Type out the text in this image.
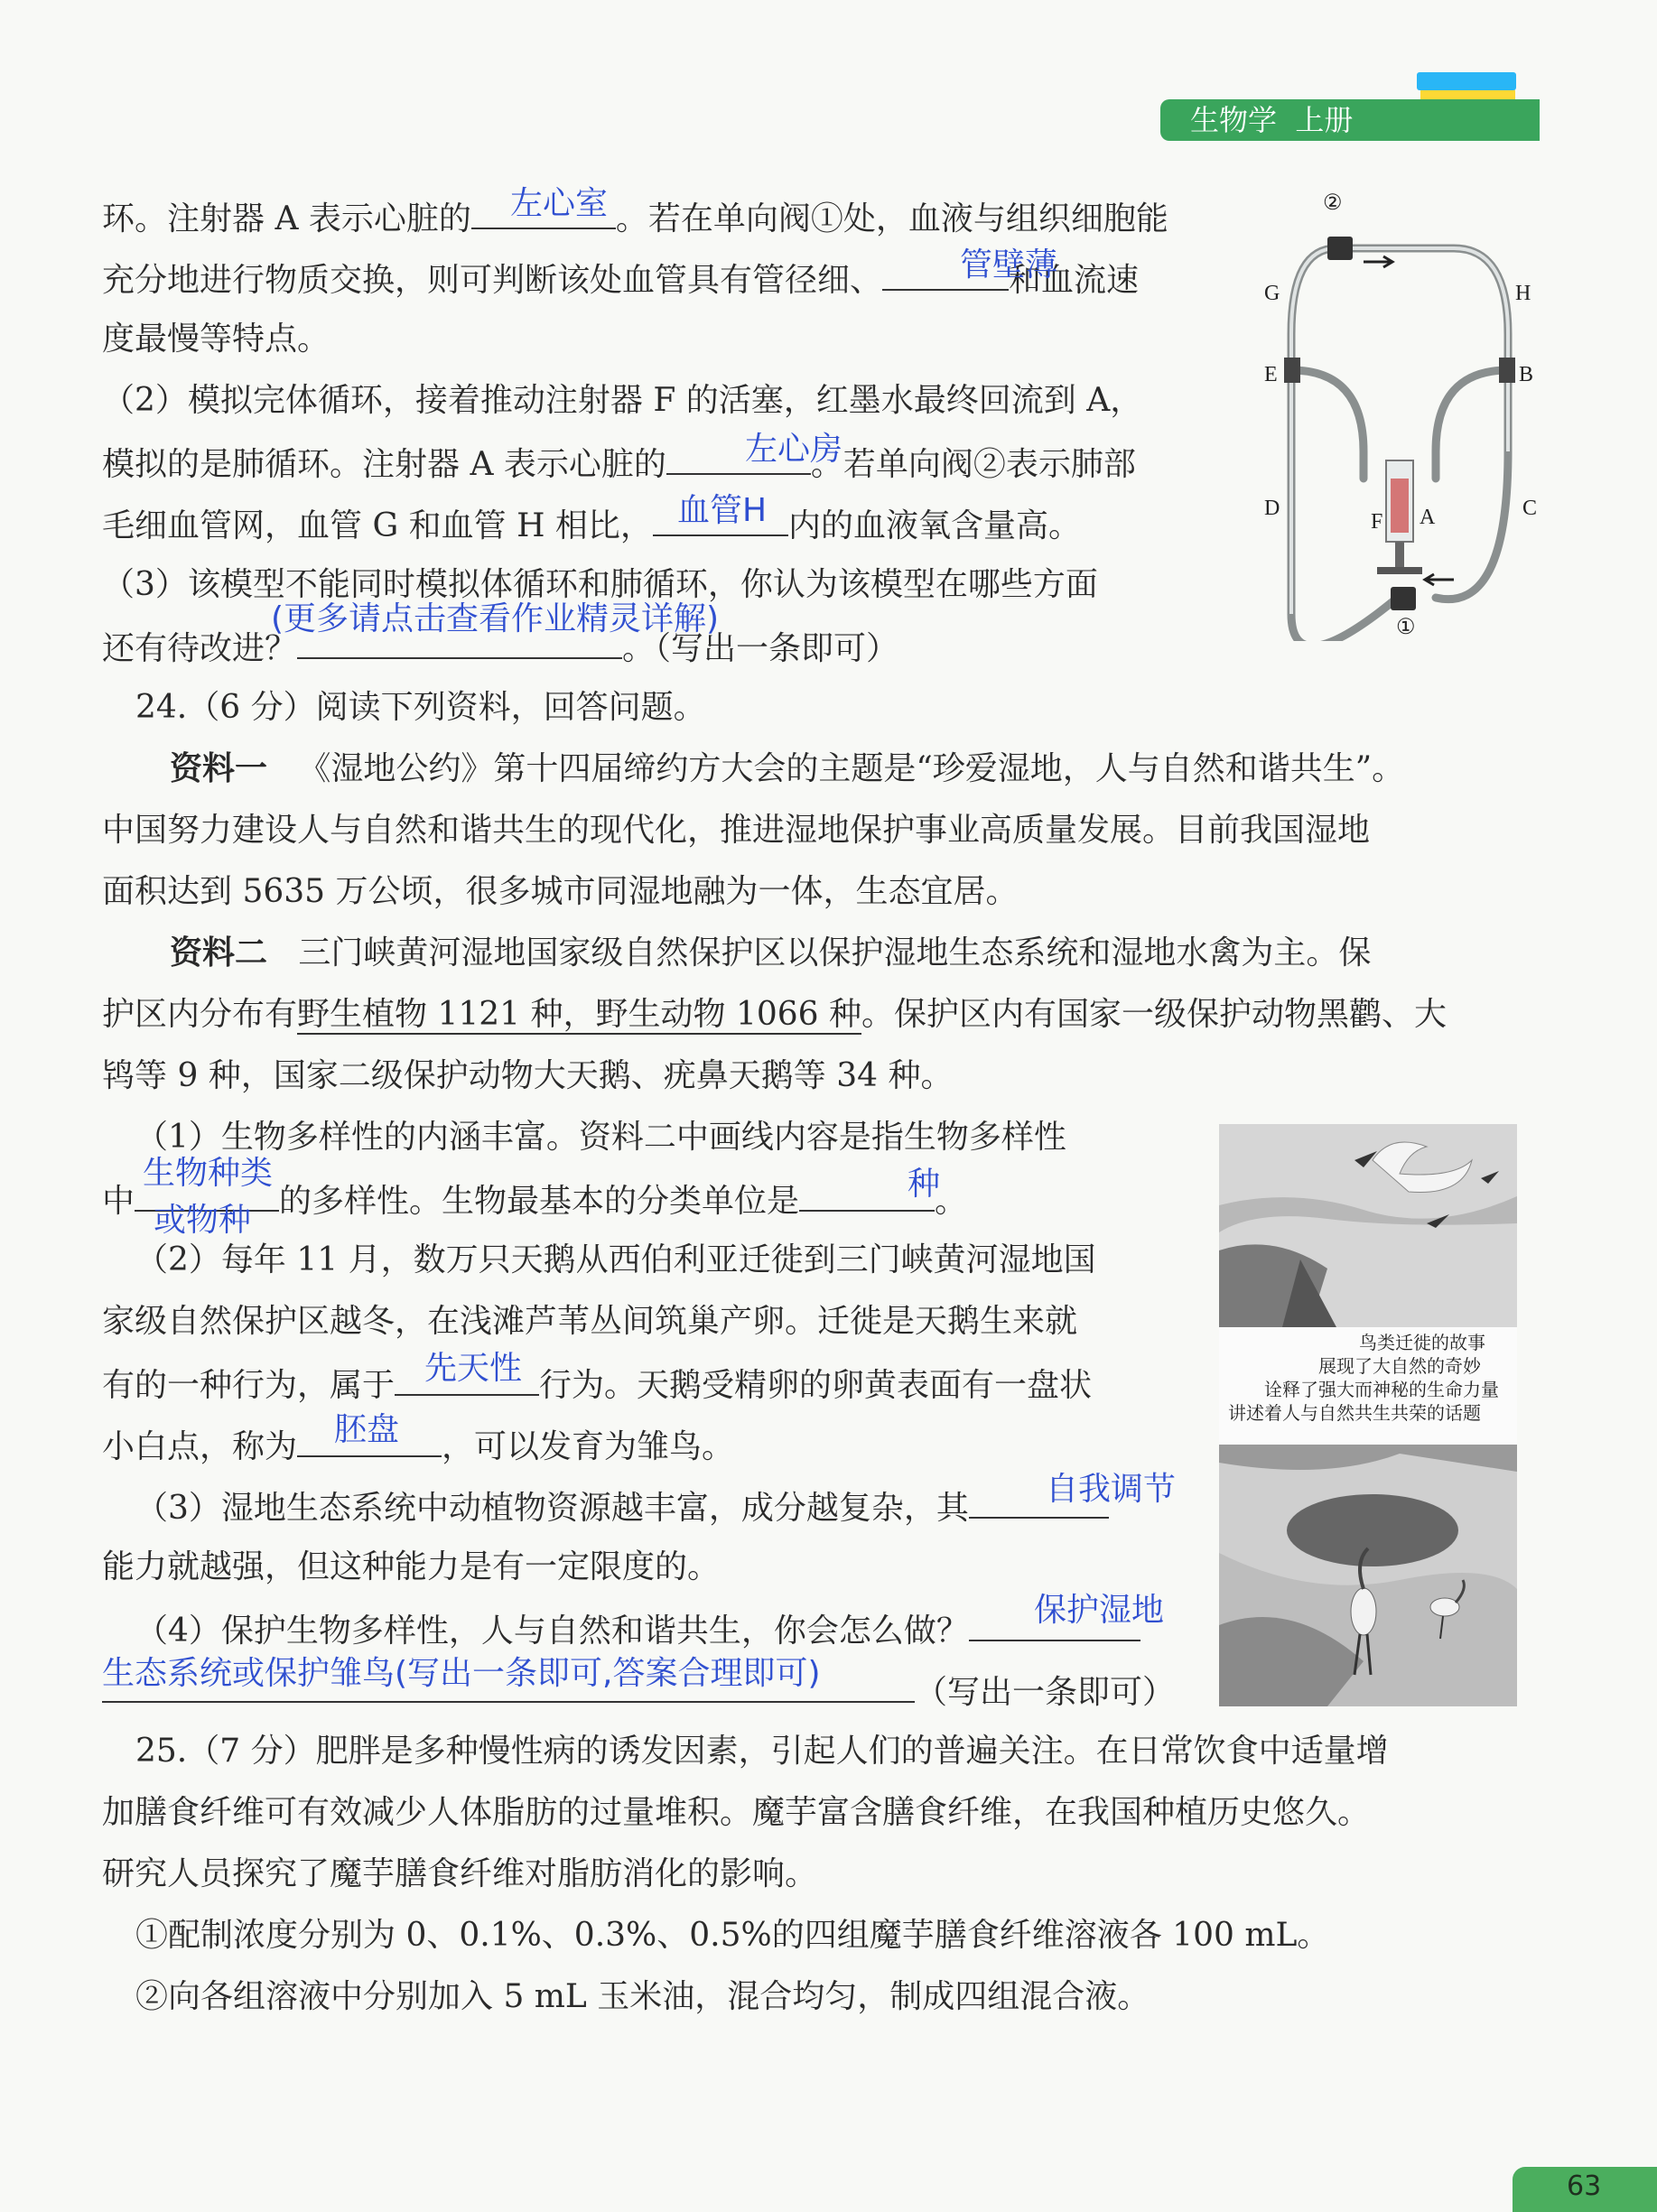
生物学 上册
环。注射器 A 表示心脏的	。若在单向阀①处，血液与组织细胞能
左心室
充分地进行物质交换，则可判断该处血管具有管径细、	和血流速
管壁薄
度最慢等特点。
（2）模拟完体循环，接着推动注射器 F 的活塞，红墨水最终回流到 A，
模拟的是肺循环。注射器 A 表示心脏的	。若单向阀②表示肺部
左心房
毛细血管网，血管 G 和血管 H 相比，	内的血液氧含量高。
血管H
（3）该模型不能同时模拟体循环和肺循环，你认为该模型在哪些方面
还有待改进？	。（写出一条即可）
(更多请点击查看作业精灵详解)
②
G	H
E	B
F A
D	C
①
24.（6 分）阅读下列资料，回答问题。
资料一 《湿地公约》第十四届缔约方大会的主题是“珍爱湿地，人与自然和谐共生”。
中国努力建设人与自然和谐共生的现代化，推进湿地保护事业高质量发展。目前我国湿地
面积达到 5635 万公顷，很多城市同湿地融为一体，生态宜居。
资料二 三门峡黄河湿地国家级自然保护区以保护湿地生态系统和湿地水禽为主。保
护区内分布有野生植物 1121 种，野生动物 1066 种。保护区内有国家一级保护动物黑鹳、大
鸨等 9 种，国家二级保护动物大天鹅、疣鼻天鹅等 34 种。
（1）生物多样性的内涵丰富。资料二中画线内容是指生物多样性
中	的多样性。生物最基本的分类单位是	。
生物种类
或物种
种
（2）每年 11 月，数万只天鹅从西伯利亚迁徙到三门峡黄河湿地国
家级自然保护区越冬，在浅滩芦苇丛间筑巢产卵。迁徙是天鹅生来就
有的一种行为，属于	行为。天鹅受精卵的卵黄表面有一盘状
先天性
小白点，称为	，可以发育为雏鸟。
胚盘
（3）湿地生态系统中动植物资源越丰富，成分越复杂，其
自我调节
能力就越强，但这种能力是有一定限度的。
（4）保护生物多样性，人与自然和谐共生，你会怎么做？
保护湿地
（写出一条即可）
生态系统或保护雏鸟(写出一条即可,答案合理即可)
鸟类迁徙的故事
展现了大自然的奇妙
诠释了强大而神秘的生命力量
讲述着人与自然共生共荣的话题
25.（7 分）肥胖是多种慢性病的诱发因素，引起人们的普遍关注。在日常饮食中适量增
加膳食纤维可有效减少人体脂肪的过量堆积。魔芋富含膳食纤维，在我国种植历史悠久。
研究人员探究了魔芋膳食纤维对脂肪消化的影响。
①配制浓度分别为 0、0.1%、0.3%、0.5%的四组魔芋膳食纤维溶液各 100 mL。
②向各组溶液中分别加入 5 mL 玉米油，混合均匀，制成四组混合液。
63
